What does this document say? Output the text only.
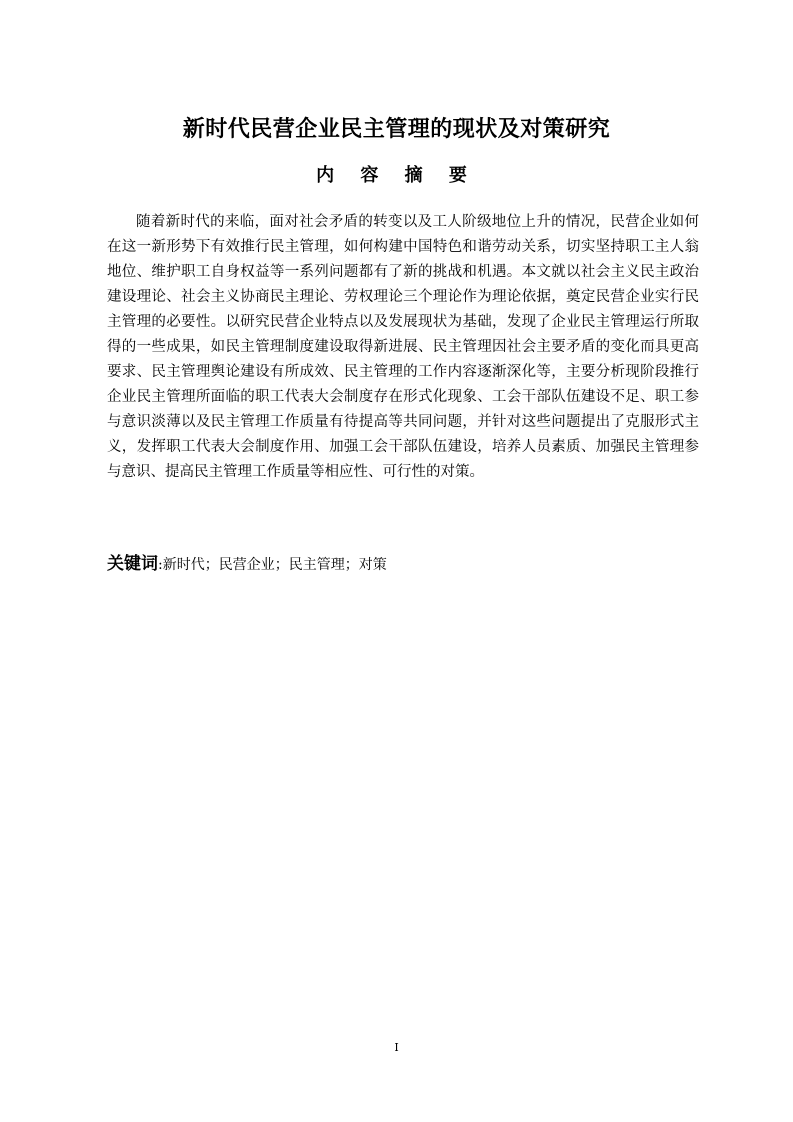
新时代民营企业民主管理的现状及对策研究
内 容 摘 要

随着新时代的来临，面对社会矛盾的转变以及工人阶级地位上升的情况，民营企业如何在这一新形势下有效推行民主管理，如何构建中国特色和谐劳动关系，切实坚持职工主人翁地位、维护职工自身权益等一系列问题都有了新的挑战和机遇。本文就以社会主义民主政治建设理论、社会主义协商民主理论、劳权理论三个理论作为理论依据，奠定民营企业实行民主管理的必要性。以研究民营企业特点以及发展现状为基础，发现了企业民主管理运行所取得的一些成果，如民主管理制度建设取得新进展、民主管理因社会主要矛盾的变化而具更高要求、民主管理舆论建设有所成效、民主管理的工作内容逐渐深化等，主要分析现阶段推行企业民主管理所面临的职工代表大会制度存在形式化现象、工会干部队伍建设不足、职工参与意识淡薄以及民主管理工作质量有待提高等共同问题，并针对这些问题提出了克服形式主义，发挥职工代表大会制度作用、加强工会干部队伍建设，培养人员素质、加强民主管理参与意识、提高民主管理工作质量等相应性、可行性的对策。

关键词:新时代；民营企业；民主管理；对策
I
